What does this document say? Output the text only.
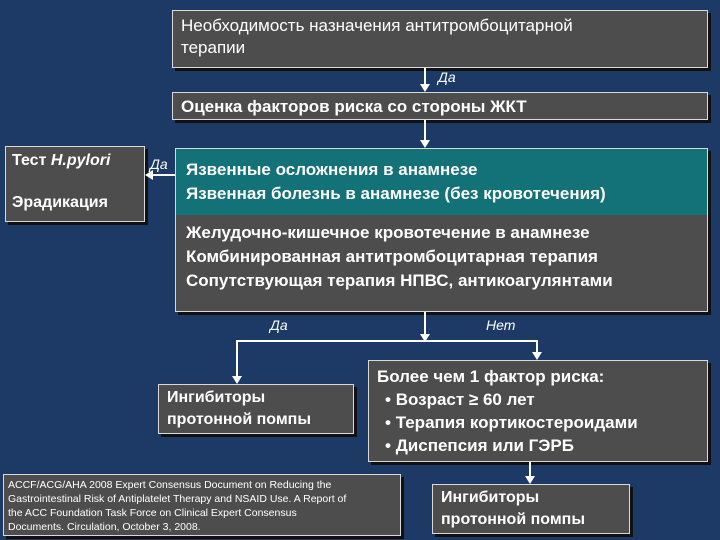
Необходимость назначения антитромбоцитарной
терапии
Да
Оценка факторов риска со стороны ЖКТ
Тест H.pylori
Эрадикация
Да Язвенные осложнения в анамнезе
Язвенная болезнь в анамнезе (без кровотечения)
Желудочно-кишечное кровотечение в анамнезе
Комбинированная антитромбоцитарная терапия
Сопутствующая терапия НПВС, антикоагулянтами
Да	Нет
Ингибиторы
протонной помпы
Более чем 1 фактор риска:
• Возраст ≥ 60 лет
• Терапия кортикостероидами
• Диспепсия или ГЭРБ
ACCF/ACG/AHA 2008 Expert Consensus Document on Reducing the
Gastrointestinal Risk of Antiplatelet Therapy and NSAID Use. A Report of
the ACC Foundation Task Force on Clinical Expert Consensus
Documents. Circulation, October 3, 2008.
Ингибиторы
протонной помпы
